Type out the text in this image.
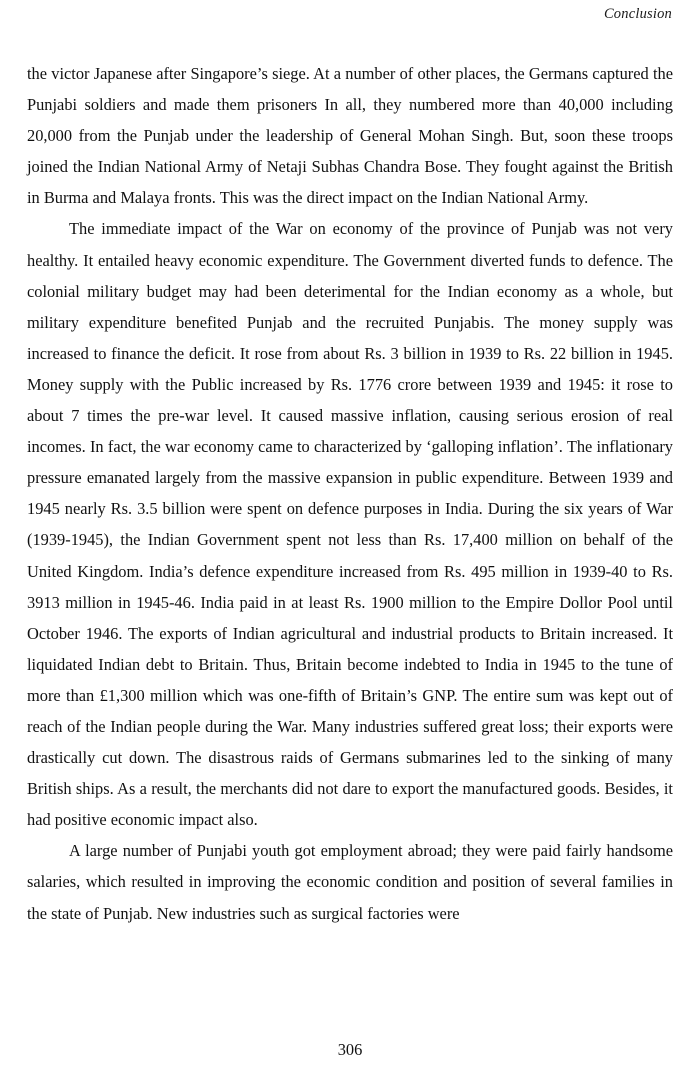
Conclusion

the victor Japanese after Singapore’s siege. At a number of other places, the Germans captured the Punjabi soldiers and made them prisoners In all, they numbered more than 40,000 including 20,000 from the Punjab under the leadership of General Mohan Singh. But, soon these troops joined the Indian National Army of Netaji Subhas Chandra Bose. They fought against the British in Burma and Malaya fronts. This was the direct impact on the Indian National Army.

The immediate impact of the War on economy of the province of Punjab was not very healthy. It entailed heavy economic expenditure. The Government diverted funds to defence. The colonial military budget may had been deterimental for the Indian economy as a whole, but military expenditure benefited Punjab and the recruited Punjabis. The money supply was increased to finance the deficit. It rose from about Rs. 3 billion in 1939 to Rs. 22 billion in 1945. Money supply with the Public increased by Rs. 1776 crore between 1939 and 1945: it rose to about 7 times the pre-war level. It caused massive inflation, causing serious erosion of real incomes. In fact, the war economy came to characterized by ‘galloping inflation’. The inflationary pressure emanated largely from the massive expansion in public expenditure. Between 1939 and 1945 nearly Rs. 3.5 billion were spent on defence purposes in India. During the six years of War (1939-1945), the Indian Government spent not less than Rs. 17,400 million on behalf of the United Kingdom. India’s defence expenditure increased from Rs. 495 million in 1939-40 to Rs. 3913 million in 1945-46. India paid in at least Rs. 1900 million to the Empire Dollor Pool until October 1946. The exports of Indian agricultural and industrial products to Britain increased. It liquidated Indian debt to Britain. Thus, Britain become indebted to India in 1945 to the tune of more than £1,300 million which was one-fifth of Britain’s GNP. The entire sum was kept out of reach of the Indian people during the War. Many industries suffered great loss; their exports were drastically cut down. The disastrous raids of Germans submarines led to the sinking of many British ships. As a result, the merchants did not dare to export the manufactured goods. Besides, it had positive economic impact also.

A large number of Punjabi youth got employment abroad; they were paid fairly handsome salaries, which resulted in improving the economic condition and position of several families in the state of Punjab. New industries such as surgical factories were

306
